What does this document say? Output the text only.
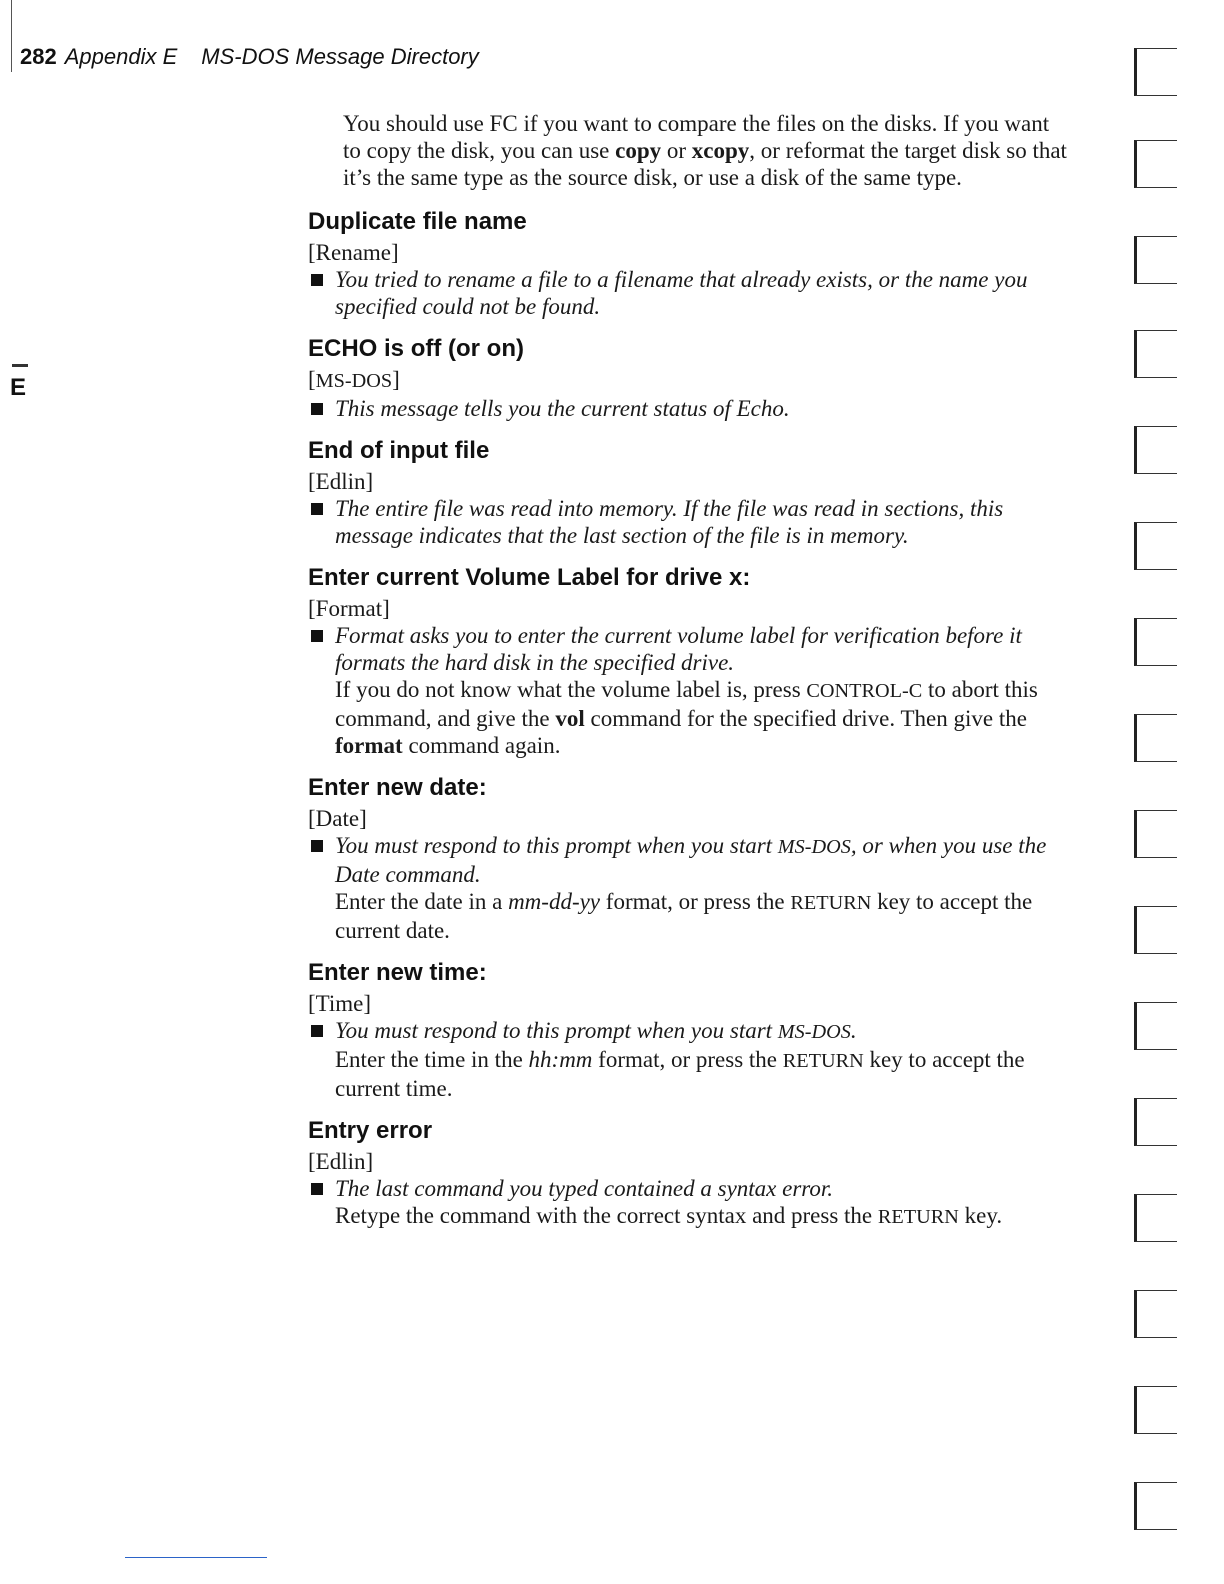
282 Appendix E MS-DOS Message Directory
E

You should use FC if you want to compare the files on the disks. If you want to copy the disk, you can use copy or xcopy, or reformat the target disk so that it’s the same type as the source disk, or use a disk of the same type.

Duplicate file name

[Rename]

You tried to rename a file to a filename that already exists, or the name you specified could not be found.

ECHO is off (or on)

[MS-DOS]

This message tells you the current status of Echo.

End of input file

[Edlin]

The entire file was read into memory. If the file was read in sections, this message indicates that the last section of the file is in memory.

Enter current Volume Label for drive x:

[Format]

Format asks you to enter the current volume label for verification before it formats the hard disk in the specified drive.

If you do not know what the volume label is, press CONTROL-C to abort this command, and give the vol command for the specified drive. Then give the format command again.

Enter new date:

[Date]

You must respond to this prompt when you start MS-DOS, or when you use the Date command.

Enter the date in a mm-dd-yy format, or press the RETURN key to accept the current date.

Enter new time:

[Time]

You must respond to this prompt when you start MS-DOS.

Enter the time in the hh:mm format, or press the RETURN key to accept the current time.

Entry error

[Edlin]

The last command you typed contained a syntax error.

Retype the command with the correct syntax and press the RETURN key.
